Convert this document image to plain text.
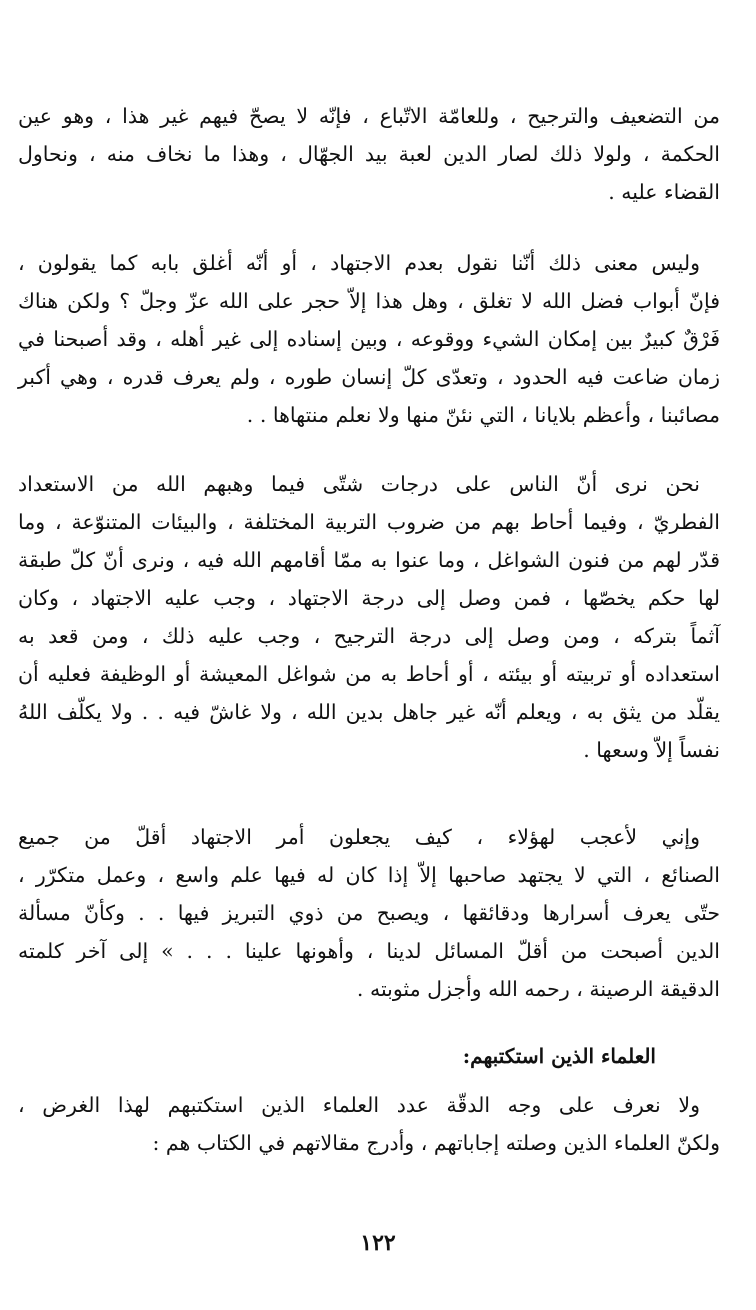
من التضعيف والترجيح ، وللعامّة الاتّباع ، فإنّه لا يصحّ فيهم غير هذا ، وهو عين
الحكمة ، ولولا ذلك لصار الدين لعبة بيد الجهّال ، وهذا ما نخاف منه ، ونحاول
القضاء عليه .
وليس معنى ذلك أنّنا نقول بعدم الاجتهاد ، أو أنّه أغلق بابه كما يقولون ،
فإنّ أبواب فضل الله لا تغلق ، وهل هذا إلاّ حجر على الله عزّ وجلّ ؟ ولكن هناك
فَرْقٌ كبيرٌ بين إمكان الشيء ووقوعه ، وبين إسناده إلى غير أهله ، وقد أصبحنا في
زمان ضاعت فيه الحدود ، وتعدّى كلّ إنسان طوره ، ولم يعرف قدره ، وهي أكبر
مصائبنا ، وأعظم بلايانا ، التي نئنّ منها ولا نعلم منتهاها . .
نحن نرى أنّ الناس على درجات شتّى فيما وهبهم الله من الاستعداد
الفطريّ ، وفيما أحاط بهم من ضروب التربية المختلفة ، والبيئات المتنوّعة ، وما
قدّر لهم من فنون الشواغل ، وما عنوا به ممّا أقامهم الله فيه ، ونرى أنّ كلّ طبقة
لها حكم يخصّها ، فمن وصل إلى درجة الاجتهاد ، وجب عليه الاجتهاد ، وكان
آثماً بتركه ، ومن وصل إلى درجة الترجيح ، وجب عليه ذلك ، ومن قعد به
استعداده أو تربيته أو بيئته ، أو أحاط به من شواغل المعيشة أو الوظيفة فعليه أن
يقلّد من يثق به ، ويعلم أنّه غير جاهل بدين الله ، ولا غاشّ فيه . . ولا يكلّف اللهُ
نفساً إلاّ وسعها .
وإني لأعجب لهؤلاء ، كيف يجعلون أمر الاجتهاد أقلّ من جميع
الصنائع ، التي لا يجتهد صاحبها إلاّ إذا كان له فيها علم واسع ، وعمل متكرّر ،
حتّى يعرف أسرارها ودقائقها ، ويصبح من ذوي التبريز فيها . . وكأنّ مسألة
الدين أصبحت من أقلّ المسائل لدينا ، وأهونها علينا . . . » إلى آخر كلمته
الدقيقة الرصينة ، رحمه الله وأجزل مثوبته .
العلماء الذين استكتبهم:
ولا نعرف على وجه الدقّة عدد العلماء الذين استكتبهم لهذا الغرض ،
ولكنّ العلماء الذين وصلته إجاباتهم ، وأدرج مقالاتهم في الكتاب هم :
١٢٢
